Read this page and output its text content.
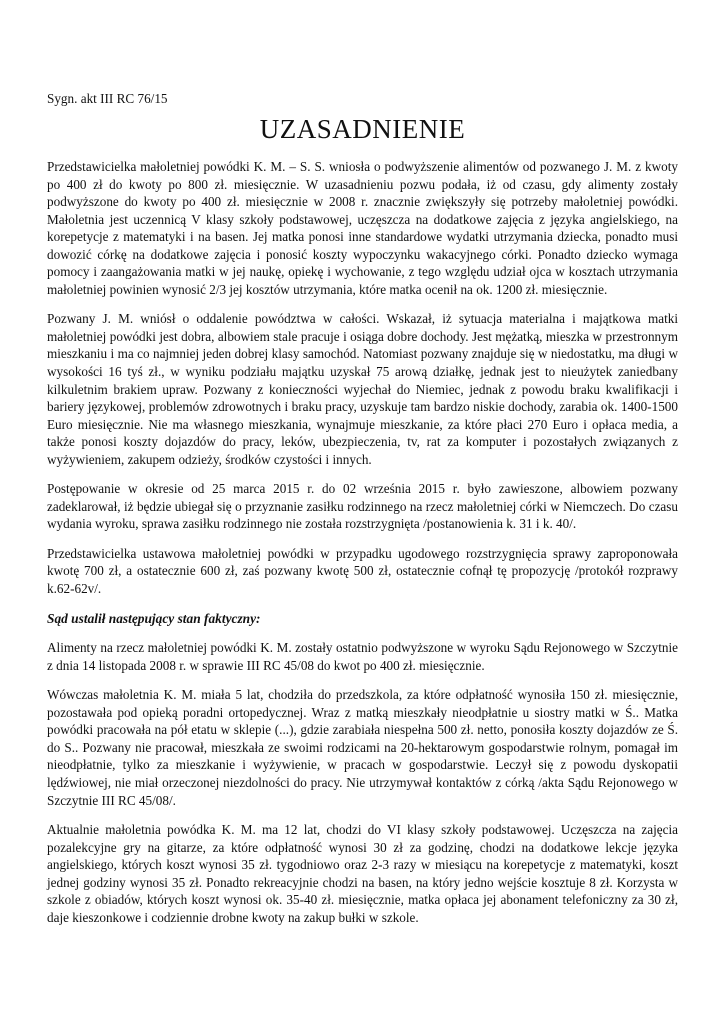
Sygn. akt III RC 76/15
UZASADNIENIE

Przedstawicielka małoletniej powódki K. M. – S. S. wniosła o podwyższenie alimentów od pozwanego J. M. z kwoty po 400 zł do kwoty po 800 zł. miesięcznie. W uzasadnieniu pozwu podała, iż od czasu, gdy alimenty zostały podwyższone do kwoty po 400 zł. miesięcznie w 2008 r. znacznie zwiększyły się potrzeby małoletniej powódki. Małoletnia jest uczennicą V klasy szkoły podstawowej, uczęszcza na dodatkowe zajęcia z języka angielskiego, na korepetycje z matematyki i na basen. Jej matka ponosi inne standardowe wydatki utrzymania dziecka, ponadto musi dowozić córkę na dodatkowe zajęcia i ponosić koszty wypoczynku wakacyjnego córki. Ponadto dziecko wymaga pomocy i zaangażowania matki w jej naukę, opiekę i wychowanie, z tego względu udział ojca w kosztach utrzymania małoletniej powinien wynosić 2/3 jej kosztów utrzymania, które matka ocenił na ok. 1200 zł. miesięcznie.

Pozwany J. M. wniósł o oddalenie powództwa w całości. Wskazał, iż sytuacja materialna i majątkowa matki małoletniej powódki jest dobra, albowiem stale pracuje i osiąga dobre dochody. Jest mężatką, mieszka w przestronnym mieszkaniu i ma co najmniej jeden dobrej klasy samochód. Natomiast pozwany znajduje się w niedostatku, ma długi w wysokości 16 tyś zł., w wyniku podziału majątku uzyskał 75 arową działkę, jednak jest to nieużytek zaniedbany kilkuletnim brakiem upraw. Pozwany z konieczności wyjechał do Niemiec, jednak z powodu braku kwalifikacji i bariery językowej, problemów zdrowotnych i braku pracy, uzyskuje tam bardzo niskie dochody, zarabia ok. 1400-1500 Euro miesięcznie. Nie ma własnego mieszkania, wynajmuje mieszkanie, za które płaci 270 Euro i opłaca media, a także ponosi koszty dojazdów do pracy, leków, ubezpieczenia, tv, rat za komputer i pozostałych związanych z wyżywieniem, zakupem odzieży, środków czystości i innych.

Postępowanie w okresie od 25 marca 2015 r. do 02 września 2015 r. było zawieszone, albowiem pozwany zadeklarował, iż będzie ubiegał się o przyznanie zasiłku rodzinnego na rzecz małoletniej córki w Niemczech. Do czasu wydania wyroku, sprawa zasiłku rodzinnego nie została rozstrzygnięta /postanowienia k. 31 i k. 40/.

Przedstawicielka ustawowa małoletniej powódki w przypadku ugodowego rozstrzygnięcia sprawy zaproponowała kwotę 700 zł, a ostatecznie 600 zł, zaś pozwany kwotę 500 zł, ostatecznie cofnął tę propozycję /protokół rozprawy k.62-62v/.

Sąd ustalił następujący stan faktyczny:

Alimenty na rzecz małoletniej powódki K. M. zostały ostatnio podwyższone w wyroku Sądu Rejonowego w Szczytnie z dnia 14 listopada 2008 r. w sprawie III RC 45/08 do kwot po 400 zł. miesięcznie.

Wówczas małoletnia K. M. miała 5 lat, chodziła do przedszkola, za które odpłatność wynosiła 150 zł. miesięcznie, pozostawała pod opieką poradni ortopedycznej. Wraz z matką mieszkały nieodpłatnie u siostry matki w Ś.. Matka powódki pracowała na pół etatu w sklepie (...), gdzie zarabiała niespełna 500 zł. netto, ponosiła koszty dojazdów ze Ś. do S.. Pozwany nie pracował, mieszkała ze swoimi rodzicami na 20-hektarowym gospodarstwie rolnym, pomagał im nieodpłatnie, tylko za mieszkanie i wyżywienie, w pracach w gospodarstwie. Leczył się z powodu dyskopatii lędźwiowej, nie miał orzeczonej niezdolności do pracy. Nie utrzymywał kontaktów z córką /akta Sądu Rejonowego w Szczytnie III RC 45/08/.

Aktualnie małoletnia powódka K. M. ma 12 lat, chodzi do VI klasy szkoły podstawowej. Uczęszcza na zajęcia pozalekcyjne gry na gitarze, za które odpłatność wynosi 30 zł za godzinę, chodzi na dodatkowe lekcje języka angielskiego, których koszt wynosi 35 zł. tygodniowo oraz 2-3 razy w miesiącu na korepetycje z matematyki, koszt jednej godziny wynosi 35 zł. Ponadto rekreacyjnie chodzi na basen, na który jedno wejście kosztuje 8 zł. Korzysta w szkole z obiadów, których koszt wynosi ok. 35-40 zł. miesięcznie, matka opłaca jej abonament telefoniczny za 30 zł, daje kieszonkowe i codziennie drobne kwoty na zakup bułki w szkole.
